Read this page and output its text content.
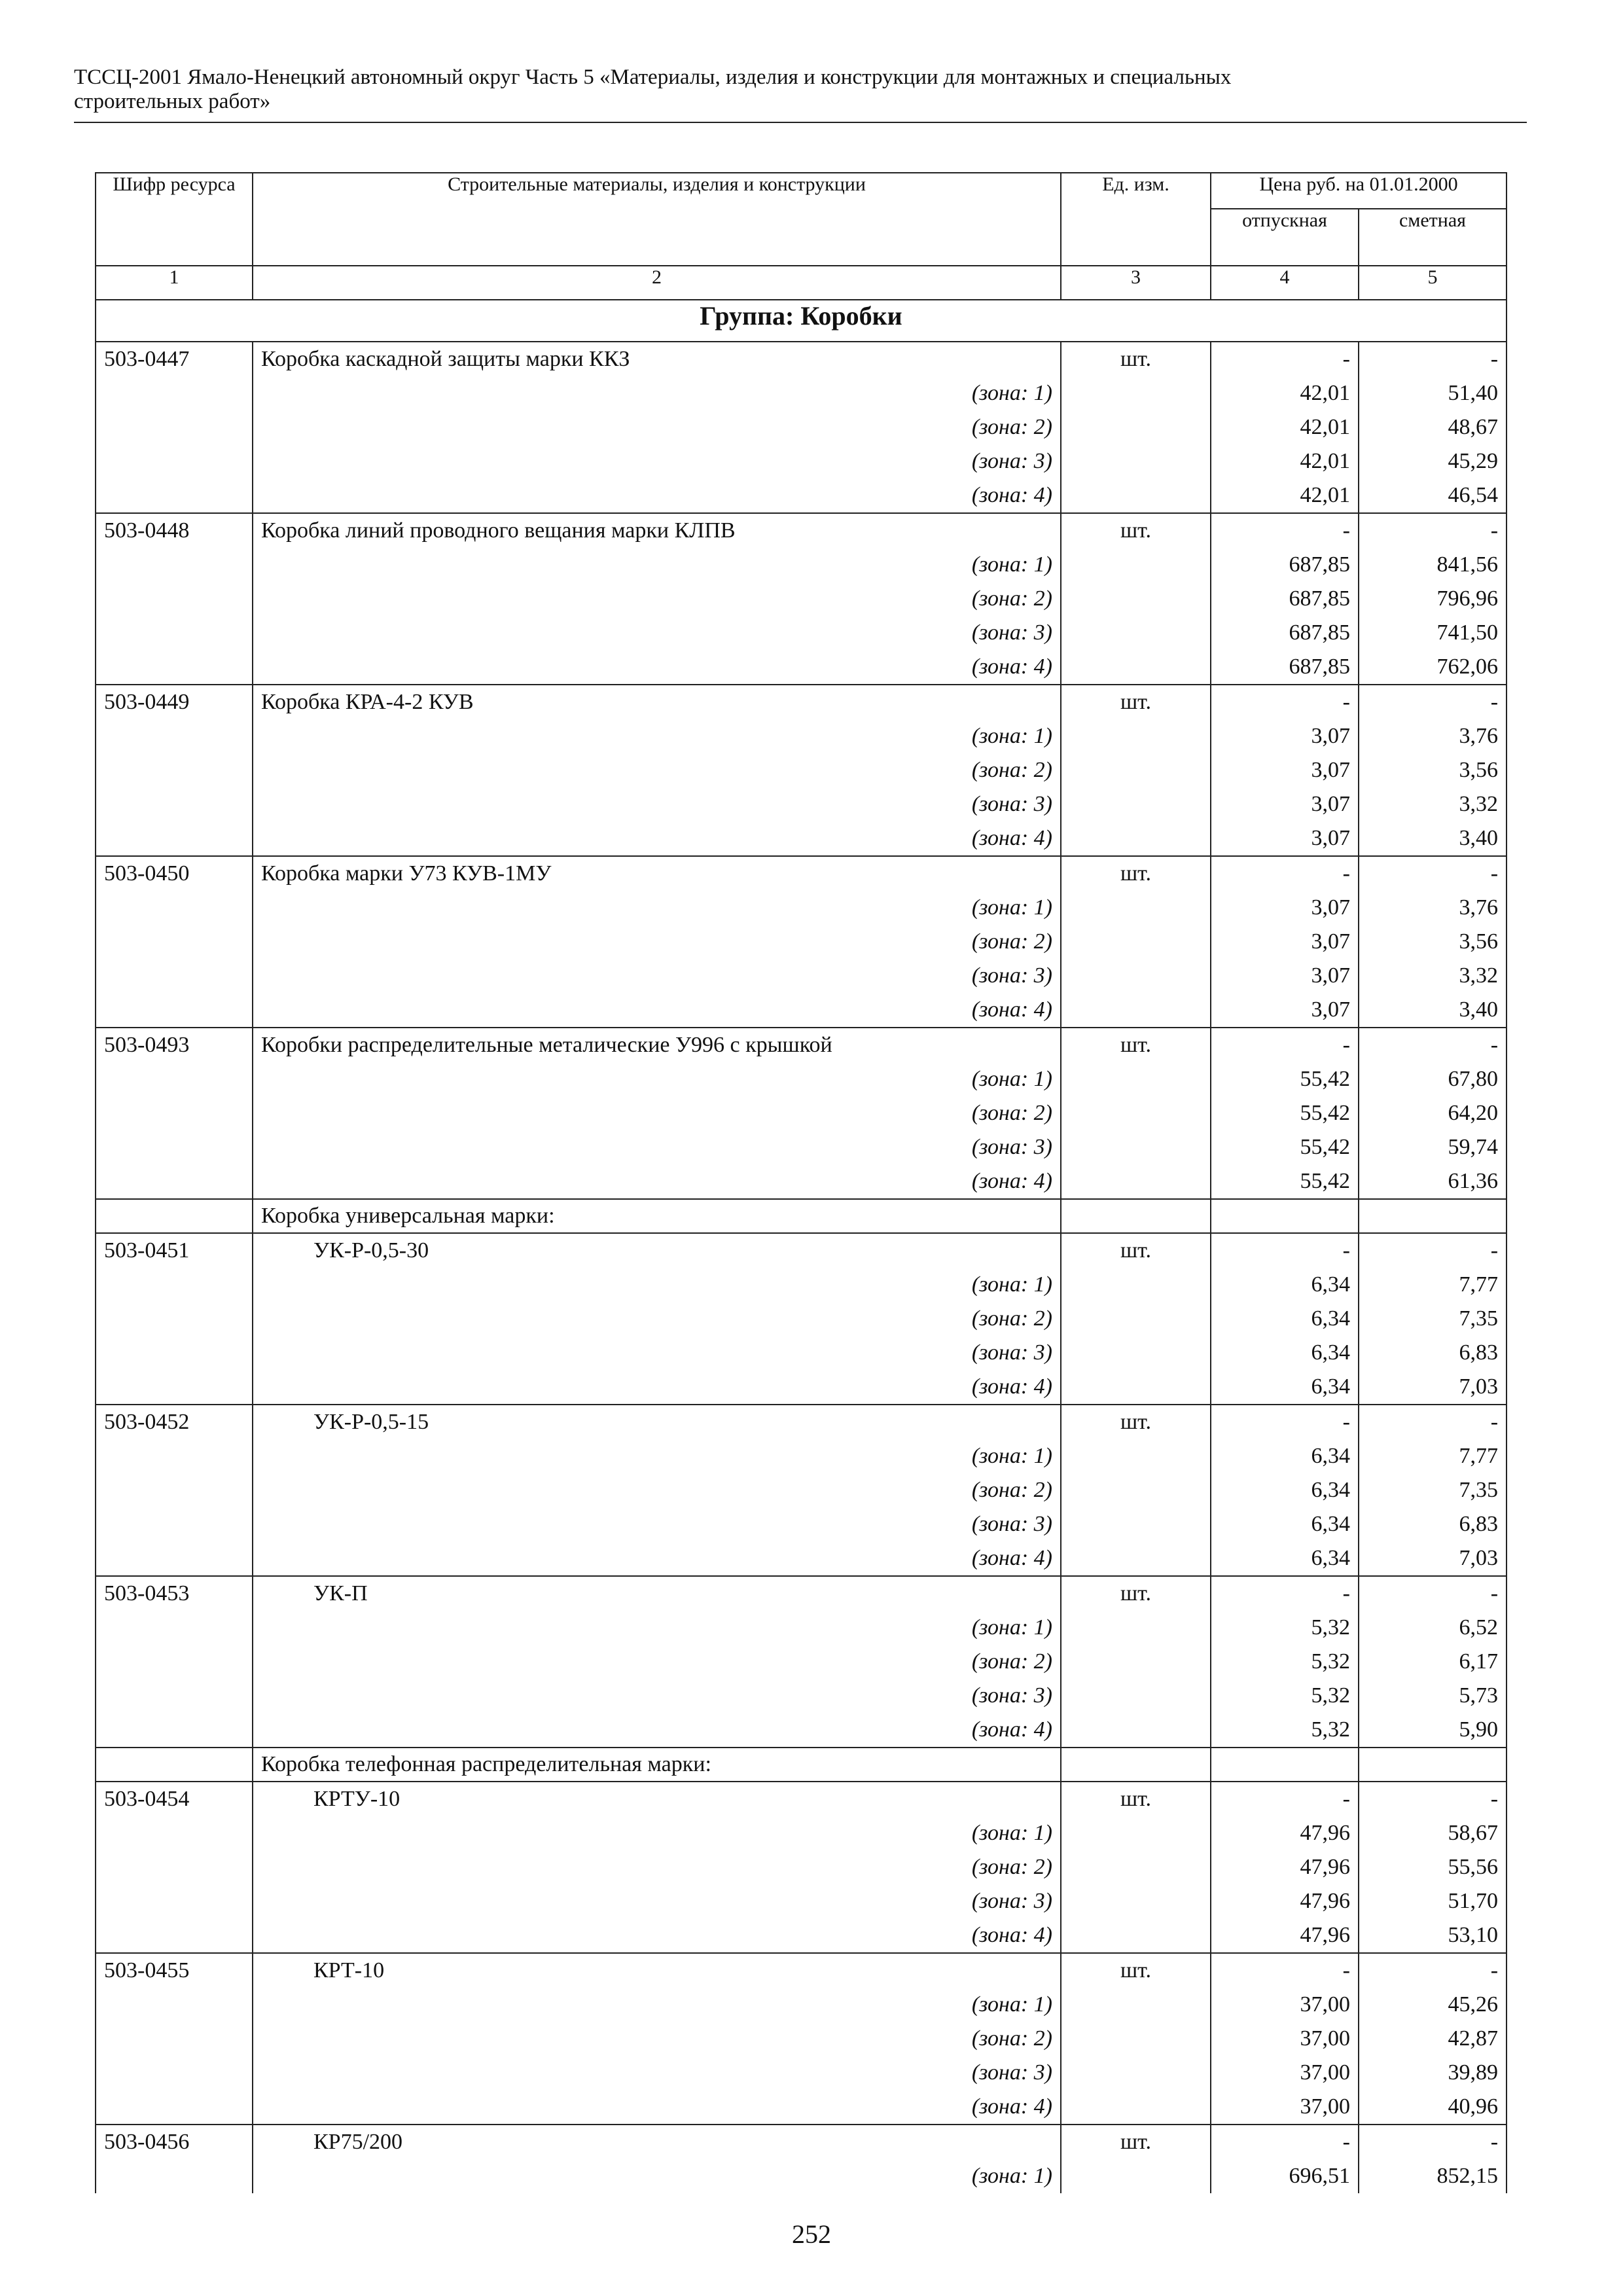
ТССЦ-2001 Ямало-Ненецкий автономный округ Часть 5 «Материалы, изделия и конструкции для монтажных и специальных
строительных работ»
Шифр ресурса	Строительные материалы, изделия и конструкции	Ед. изм.	Цена руб. на 01.01.2000	
			отпускная	сметная
1	2	3	4	5
Группа: Коробки				
503-0447	Коробка каскадной защиты марки ККЗ	шт.	-	-

	(зона: 1)		42,01	51,40

	(зона: 2)		42,01	48,67

	(зона: 3)		42,01	45,29

	(зона: 4)		42,01	46,54
503-0448	Коробка линий проводного вещания марки КЛПВ	шт.	-	-

	(зона: 1)		687,85	841,56

	(зона: 2)		687,85	796,96

	(зона: 3)		687,85	741,50

	(зона: 4)		687,85	762,06
503-0449	Коробка КРА-4-2 КУВ	шт.	-	-

	(зона: 1)		3,07	3,76

	(зона: 2)		3,07	3,56

	(зона: 3)		3,07	3,32

	(зона: 4)		3,07	3,40
503-0450	Коробка марки У73 КУВ-1МУ	шт.	-	-

	(зона: 1)		3,07	3,76

	(зона: 2)		3,07	3,56

	(зона: 3)		3,07	3,32

	(зона: 4)		3,07	3,40
503-0493	Коробки распределительные металические У996 с крышкой	шт.	-	-

	(зона: 1)		55,42	67,80

	(зона: 2)		55,42	64,20

	(зона: 3)		55,42	59,74

	(зона: 4)		55,42	61,36
	Коробка универсальная марки:			
503-0451	УК-Р-0,5-30	шт.	-	-

	(зона: 1)		6,34	7,77

	(зона: 2)		6,34	7,35

	(зона: 3)		6,34	6,83

	(зона: 4)		6,34	7,03
503-0452	УК-Р-0,5-15	шт.	-	-

	(зона: 1)		6,34	7,77

	(зона: 2)		6,34	7,35

	(зона: 3)		6,34	6,83

	(зона: 4)		6,34	7,03
503-0453	УК-П	шт.	-	-

	(зона: 1)		5,32	6,52

	(зона: 2)		5,32	6,17

	(зона: 3)		5,32	5,73

	(зона: 4)		5,32	5,90
	Коробка телефонная распределительная марки:			
503-0454	КРТУ-10	шт.	-	-

	(зона: 1)		47,96	58,67

	(зона: 2)		47,96	55,56

	(зона: 3)		47,96	51,70

	(зона: 4)		47,96	53,10
503-0455	КРТ-10	шт.	-	-

	(зона: 1)		37,00	45,26

	(зона: 2)		37,00	42,87

	(зона: 3)		37,00	39,89

	(зона: 4)		37,00	40,96
503-0456	КР75/200	шт.	-	-

	(зона: 1)		696,51	852,15
252
